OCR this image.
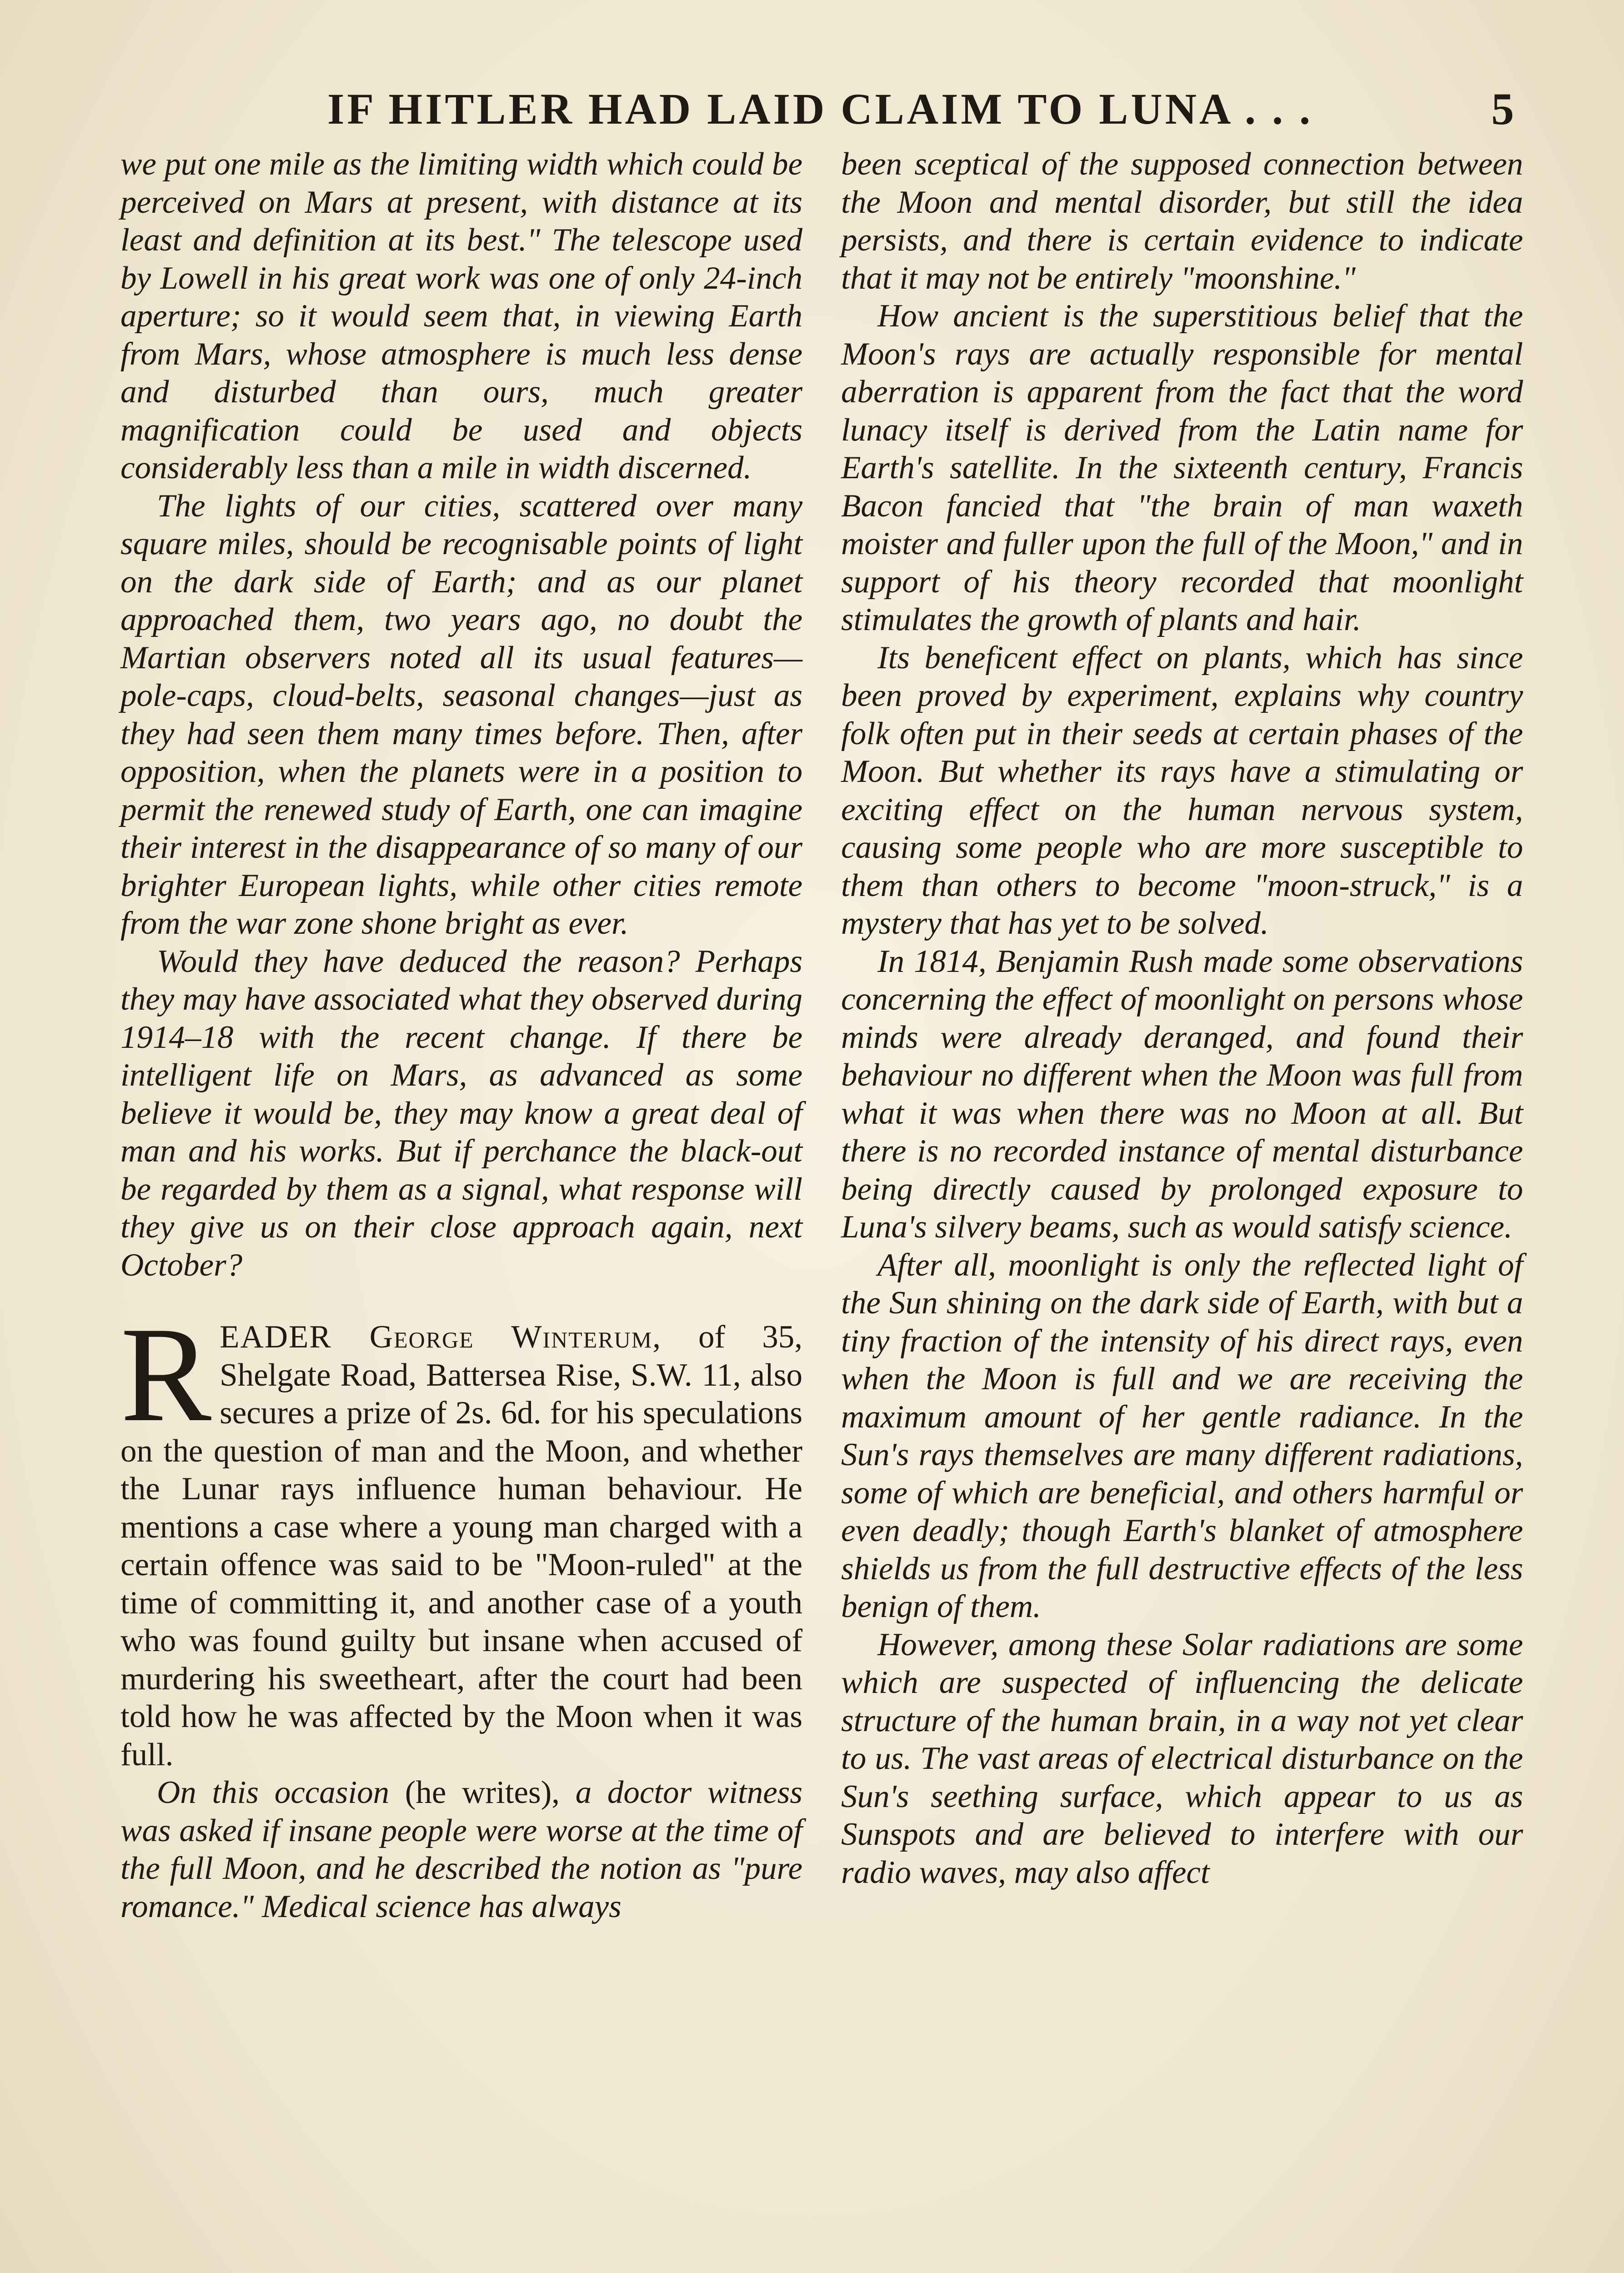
IF HITLER HAD LAID CLAIM TO LUNA . . .	5

we put one mile as the limiting width which could be perceived on Mars at present, with distance at its least and definition at its best." The telescope used by Lowell in his great work was one of only 24-inch aperture; so it would seem that, in viewing Earth from Mars, whose atmosphere is much less dense and disturbed than ours, much greater magnification could be used and objects considerably less than a mile in width discerned.

The lights of our cities, scattered over many square miles, should be recognisable points of light on the dark side of Earth; and as our planet approached them, two years ago, no doubt the Martian observers noted all its usual features—pole-caps, cloud-belts, seasonal changes—just as they had seen them many times before. Then, after opposition, when the planets were in a position to permit the renewed study of Earth, one can imagine their interest in the disappearance of so many of our brighter European lights, while other cities remote from the war zone shone bright as ever.

Would they have deduced the reason? Perhaps they may have associated what they observed during 1914–18 with the recent change. If there be intelligent life on Mars, as advanced as some believe it would be, they may know a great deal of man and his works. But if perchance the black-out be regarded by them as a signal, what response will they give us on their close approach again, next October?

READER George Winterum, of 35, Shelgate Road, Battersea Rise, S.W. 11, also secures a prize of 2s. 6d. for his speculations on the question of man and the Moon, and whether the Lunar rays influence human behaviour. He mentions a case where a young man charged with a certain offence was said to be "Moon-ruled" at the time of committing it, and another case of a youth who was found guilty but insane when accused of murdering his sweetheart, after the court had been told how he was affected by the Moon when it was full.

On this occasion (he writes), a doctor witness was asked if insane people were worse at the time of the full Moon, and he described the notion as "pure romance." Medical science has always

been sceptical of the supposed connection between the Moon and mental disorder, but still the idea persists, and there is certain evidence to indicate that it may not be entirely "moonshine."

How ancient is the superstitious belief that the Moon's rays are actually responsible for mental aberration is apparent from the fact that the word lunacy itself is derived from the Latin name for Earth's satellite. In the sixteenth century, Francis Bacon fancied that "the brain of man waxeth moister and fuller upon the full of the Moon," and in support of his theory recorded that moonlight stimulates the growth of plants and hair.

Its beneficent effect on plants, which has since been proved by experiment, explains why country folk often put in their seeds at certain phases of the Moon. But whether its rays have a stimulating or exciting effect on the human nervous system, causing some people who are more susceptible to them than others to become "moon-struck," is a mystery that has yet to be solved.

In 1814, Benjamin Rush made some observations concerning the effect of moonlight on persons whose minds were already deranged, and found their behaviour no different when the Moon was full from what it was when there was no Moon at all. But there is no recorded instance of mental disturbance being directly caused by prolonged exposure to Luna's silvery beams, such as would satisfy science.

After all, moonlight is only the reflected light of the Sun shining on the dark side of Earth, with but a tiny fraction of the intensity of his direct rays, even when the Moon is full and we are receiving the maximum amount of her gentle radiance. In the Sun's rays themselves are many different radiations, some of which are beneficial, and others harmful or even deadly; though Earth's blanket of atmosphere shields us from the full destructive effects of the less benign of them.

However, among these Solar radiations are some which are suspected of influencing the delicate structure of the human brain, in a way not yet clear to us. The vast areas of electrical disturbance on the Sun's seething surface, which appear to us as Sunspots and are believed to interfere with our radio waves, may also affect
